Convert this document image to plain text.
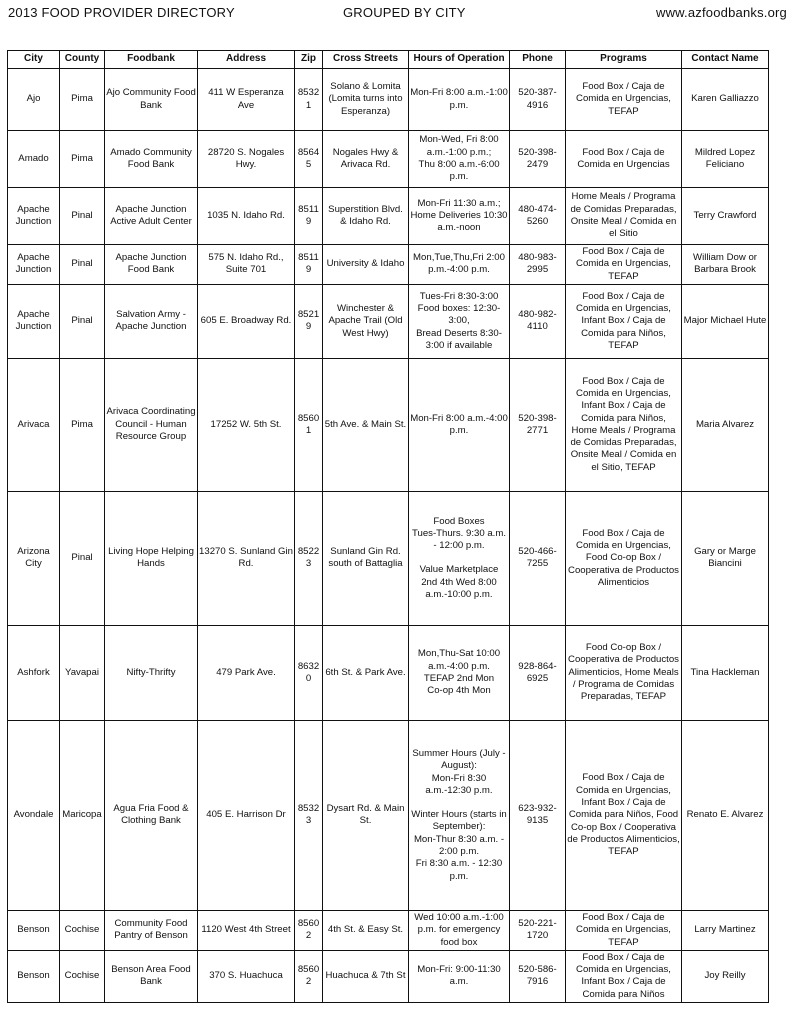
2013 FOOD PROVIDER DIRECTORY	GROUPED BY CITY	www.azfoodbanks.org
City	County	Foodbank	Address	Zip	Cross Streets	Hours of Operation	Phone	Programs	Contact Name
Ajo	Pima	Ajo Community Food Bank	411 W Esperanza Ave	85321	Solano & Lomita (Lomita turns into Esperanza)	Mon-Fri 8:00 a.m.-1:00 p.m.	520-387-4916	Food Box / Caja de Comida en Urgencias, TEFAP	Karen Galliazzo
Amado	Pima	Amado Community Food Bank	28720 S. Nogales Hwy.	85645	Nogales Hwy & Arivaca Rd.	Mon-Wed, Fri 8:00 a.m.-1:00 p.m.;
Thu 8:00 a.m.-6:00 p.m.	520-398-2479	Food Box / Caja de Comida en Urgencias	Mildred Lopez Feliciano
Apache Junction	Pinal	Apache Junction Active Adult Center	1035 N. Idaho Rd.	85119	Superstition Blvd. & Idaho Rd.	Mon-Fri 11:30 a.m.;
Home Deliveries 10:30 a.m.-noon	480-474-5260	Home Meals / Programa de Comidas Preparadas, Onsite Meal / Comida en el Sitio	Terry Crawford
Apache Junction	Pinal	Apache Junction Food Bank	575 N. Idaho Rd., Suite 701	85119	University & Idaho	Mon,Tue,Thu,Fri 2:00 p.m.-4:00 p.m.	480-983-2995	Food Box / Caja de Comida en Urgencias, TEFAP	William Dow or Barbara Brook
Apache Junction	Pinal	Salvation Army - Apache Junction	605 E. Broadway Rd.	85219	Winchester & Apache Trail (Old West Hwy)	Tues-Fri 8:30-3:00
Food boxes: 12:30-3:00,
Bread Deserts 8:30-3:00 if available	480-982-4110	Food Box / Caja de Comida en Urgencias, Infant Box / Caja de Comida para Niños, TEFAP	Major Michael Hute
Arivaca	Pima	Arivaca Coordinating Council - Human Resource Group	17252 W. 5th St.	85601	5th Ave. & Main St.	Mon-Fri 8:00 a.m.-4:00 p.m.	520-398-2771	Food Box / Caja de Comida en Urgencias, Infant Box / Caja de Comida para Niños, Home Meals / Programa de Comidas Preparadas, Onsite Meal / Comida en el Sitio, TEFAP	Maria Alvarez
Arizona City	Pinal	Living Hope Helping Hands	13270 S. Sunland Gin Rd.	85223	Sunland Gin Rd. south of Battaglia	Food Boxes
Tues-Thurs. 9:30 a.m. - 12:00 p.m.
Value Marketplace
2nd 4th Wed 8:00 a.m.-10:00 p.m.	520-466-7255	Food Box / Caja de Comida en Urgencias, Food Co-op Box / Cooperativa de Productos Alimenticios	Gary or Marge Biancini
Ashfork	Yavapai	Nifty-Thrifty	479 Park Ave.	86320	6th St. & Park Ave.	Mon,Thu-Sat 10:00 a.m.-4:00 p.m.
TEFAP 2nd Mon
Co-op 4th Mon	928-864-6925	Food Co-op Box / Cooperativa de Productos Alimenticios, Home Meals / Programa de Comidas Preparadas, TEFAP	Tina Hackleman
Avondale	Maricopa	Agua Fria Food & Clothing Bank	405 E. Harrison Dr	85323	Dysart Rd. & Main St.	Summer Hours (July - August):
Mon-Fri 8:30 a.m.-12:30 p.m.
Winter Hours (starts in September):
Mon-Thur 8:30 a.m. - 2:00 p.m.
Fri 8:30 a.m. - 12:30 p.m.	623-932-9135	Food Box / Caja de Comida en Urgencias, Infant Box / Caja de Comida para Niños, Food Co-op Box / Cooperativa de Productos Alimenticios, TEFAP	Renato E. Alvarez
Benson	Cochise	Community Food Pantry of Benson	1120 West 4th Street	85602	4th St. & Easy St.	Wed 10:00 a.m.-1:00 p.m. for emergency food box	520-221-1720	Food Box / Caja de Comida en Urgencias, TEFAP	Larry Martinez
Benson	Cochise	Benson Area Food Bank	370 S. Huachuca	85602	Huachuca & 7th St	Mon-Fri: 9:00-11:30 a.m.	520-586-7916	Food Box / Caja de Comida en Urgencias, Infant Box / Caja de Comida para Niños	Joy Reilly
